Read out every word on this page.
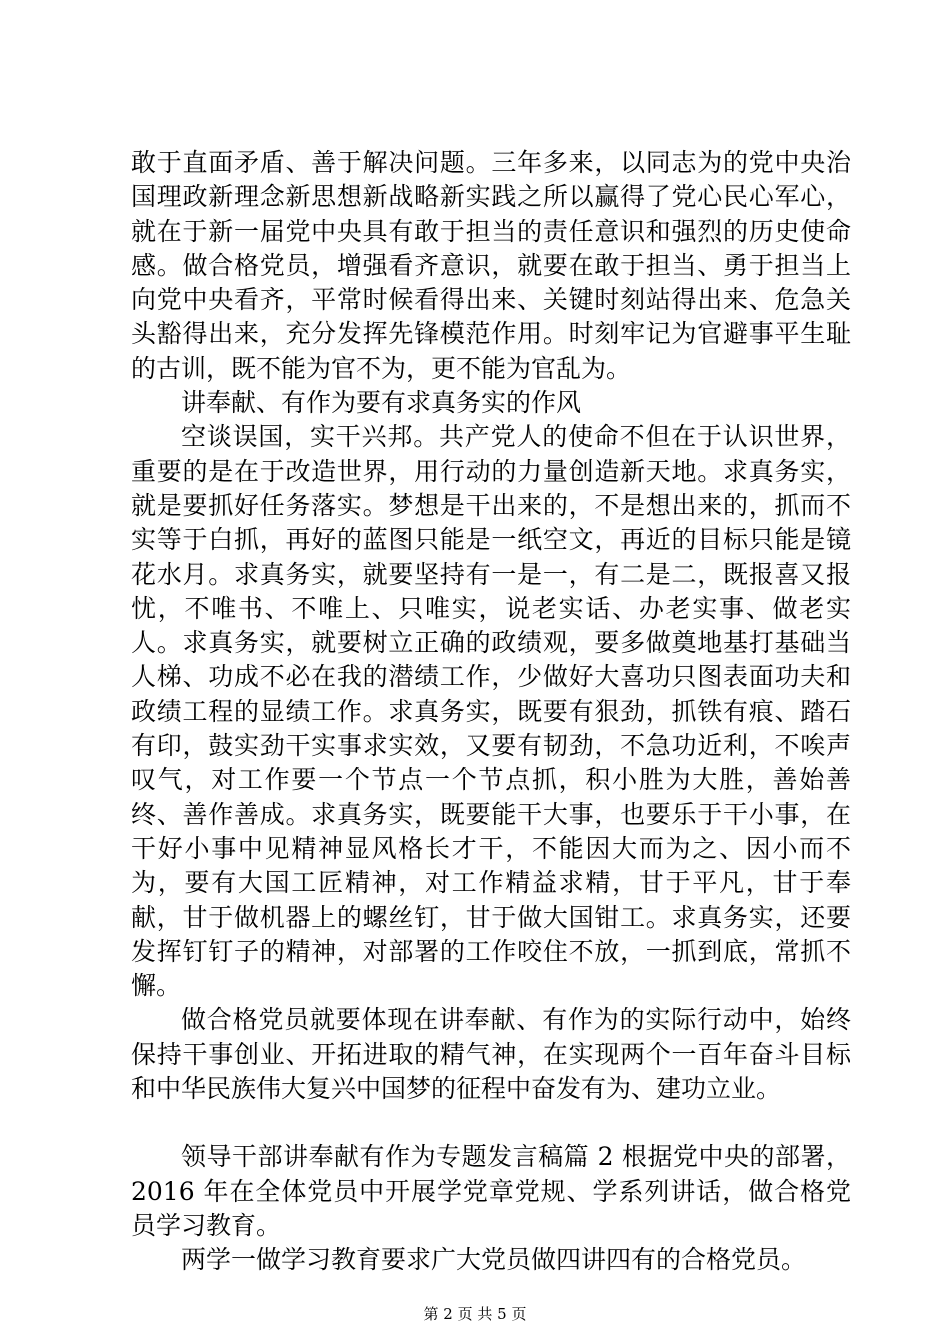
敢于直面矛盾、善于解决问题。三年多来，以同志为的党中央治国理政新理念新思想新战略新实践之所以赢得了党心民心军心，就在于新一届党中央具有敢于担当的责任意识和强烈的历史使命感。做合格党员，增强看齐意识，就要在敢于担当、勇于担当上向党中央看齐，平常时候看得出来、关键时刻站得出来、危急关头豁得出来，充分发挥先锋模范作用。时刻牢记为官避事平生耻的古训，既不能为官不为，更不能为官乱为。

讲奉献、有作为要有求真务实的作风

空谈误国，实干兴邦。共产党人的使命不但在于认识世界，重要的是在于改造世界，用行动的力量创造新天地。求真务实，就是要抓好任务落实。梦想是干出来的，不是想出来的，抓而不实等于白抓，再好的蓝图只能是一纸空文，再近的目标只能是镜花水月。求真务实，就要坚持有一是一，有二是二，既报喜又报忧，不唯书、不唯上、只唯实，说老实话、办老实事、做老实人。求真务实，就要树立正确的政绩观，要多做奠地基打基础当人梯、功成不必在我的潜绩工作，少做好大喜功只图表面功夫和政绩工程的显绩工作。求真务实，既要有狠劲，抓铁有痕、踏石有印，鼓实劲干实事求实效，又要有韧劲，不急功近利，不唉声叹气，对工作要一个节点一个节点抓，积小胜为大胜，善始善终、善作善成。求真务实，既要能干大事，也要乐于干小事，在干好小事中见精神显风格长才干，不能因大而为之、因小而不为，要有大国工匠精神，对工作精益求精，甘于平凡，甘于奉献，甘于做机器上的螺丝钉，甘于做大国钳工。求真务实，还要发挥钉钉子的精神，对部署的工作咬住不放，一抓到底，常抓不懈。

做合格党员就要体现在讲奉献、有作为的实际行动中，始终保持干事创业、开拓进取的精气神，在实现两个一百年奋斗目标和中华民族伟大复兴中国梦的征程中奋发有为、建功立业。

领导干部讲奉献有作为专题发言稿篇 2 根据党中央的部署，2016 年在全体党员中开展学党章党规、学系列讲话，做合格党员学习教育。

两学一做学习教育要求广大党员做四讲四有的合格党员。

第 2 页 共 5 页
